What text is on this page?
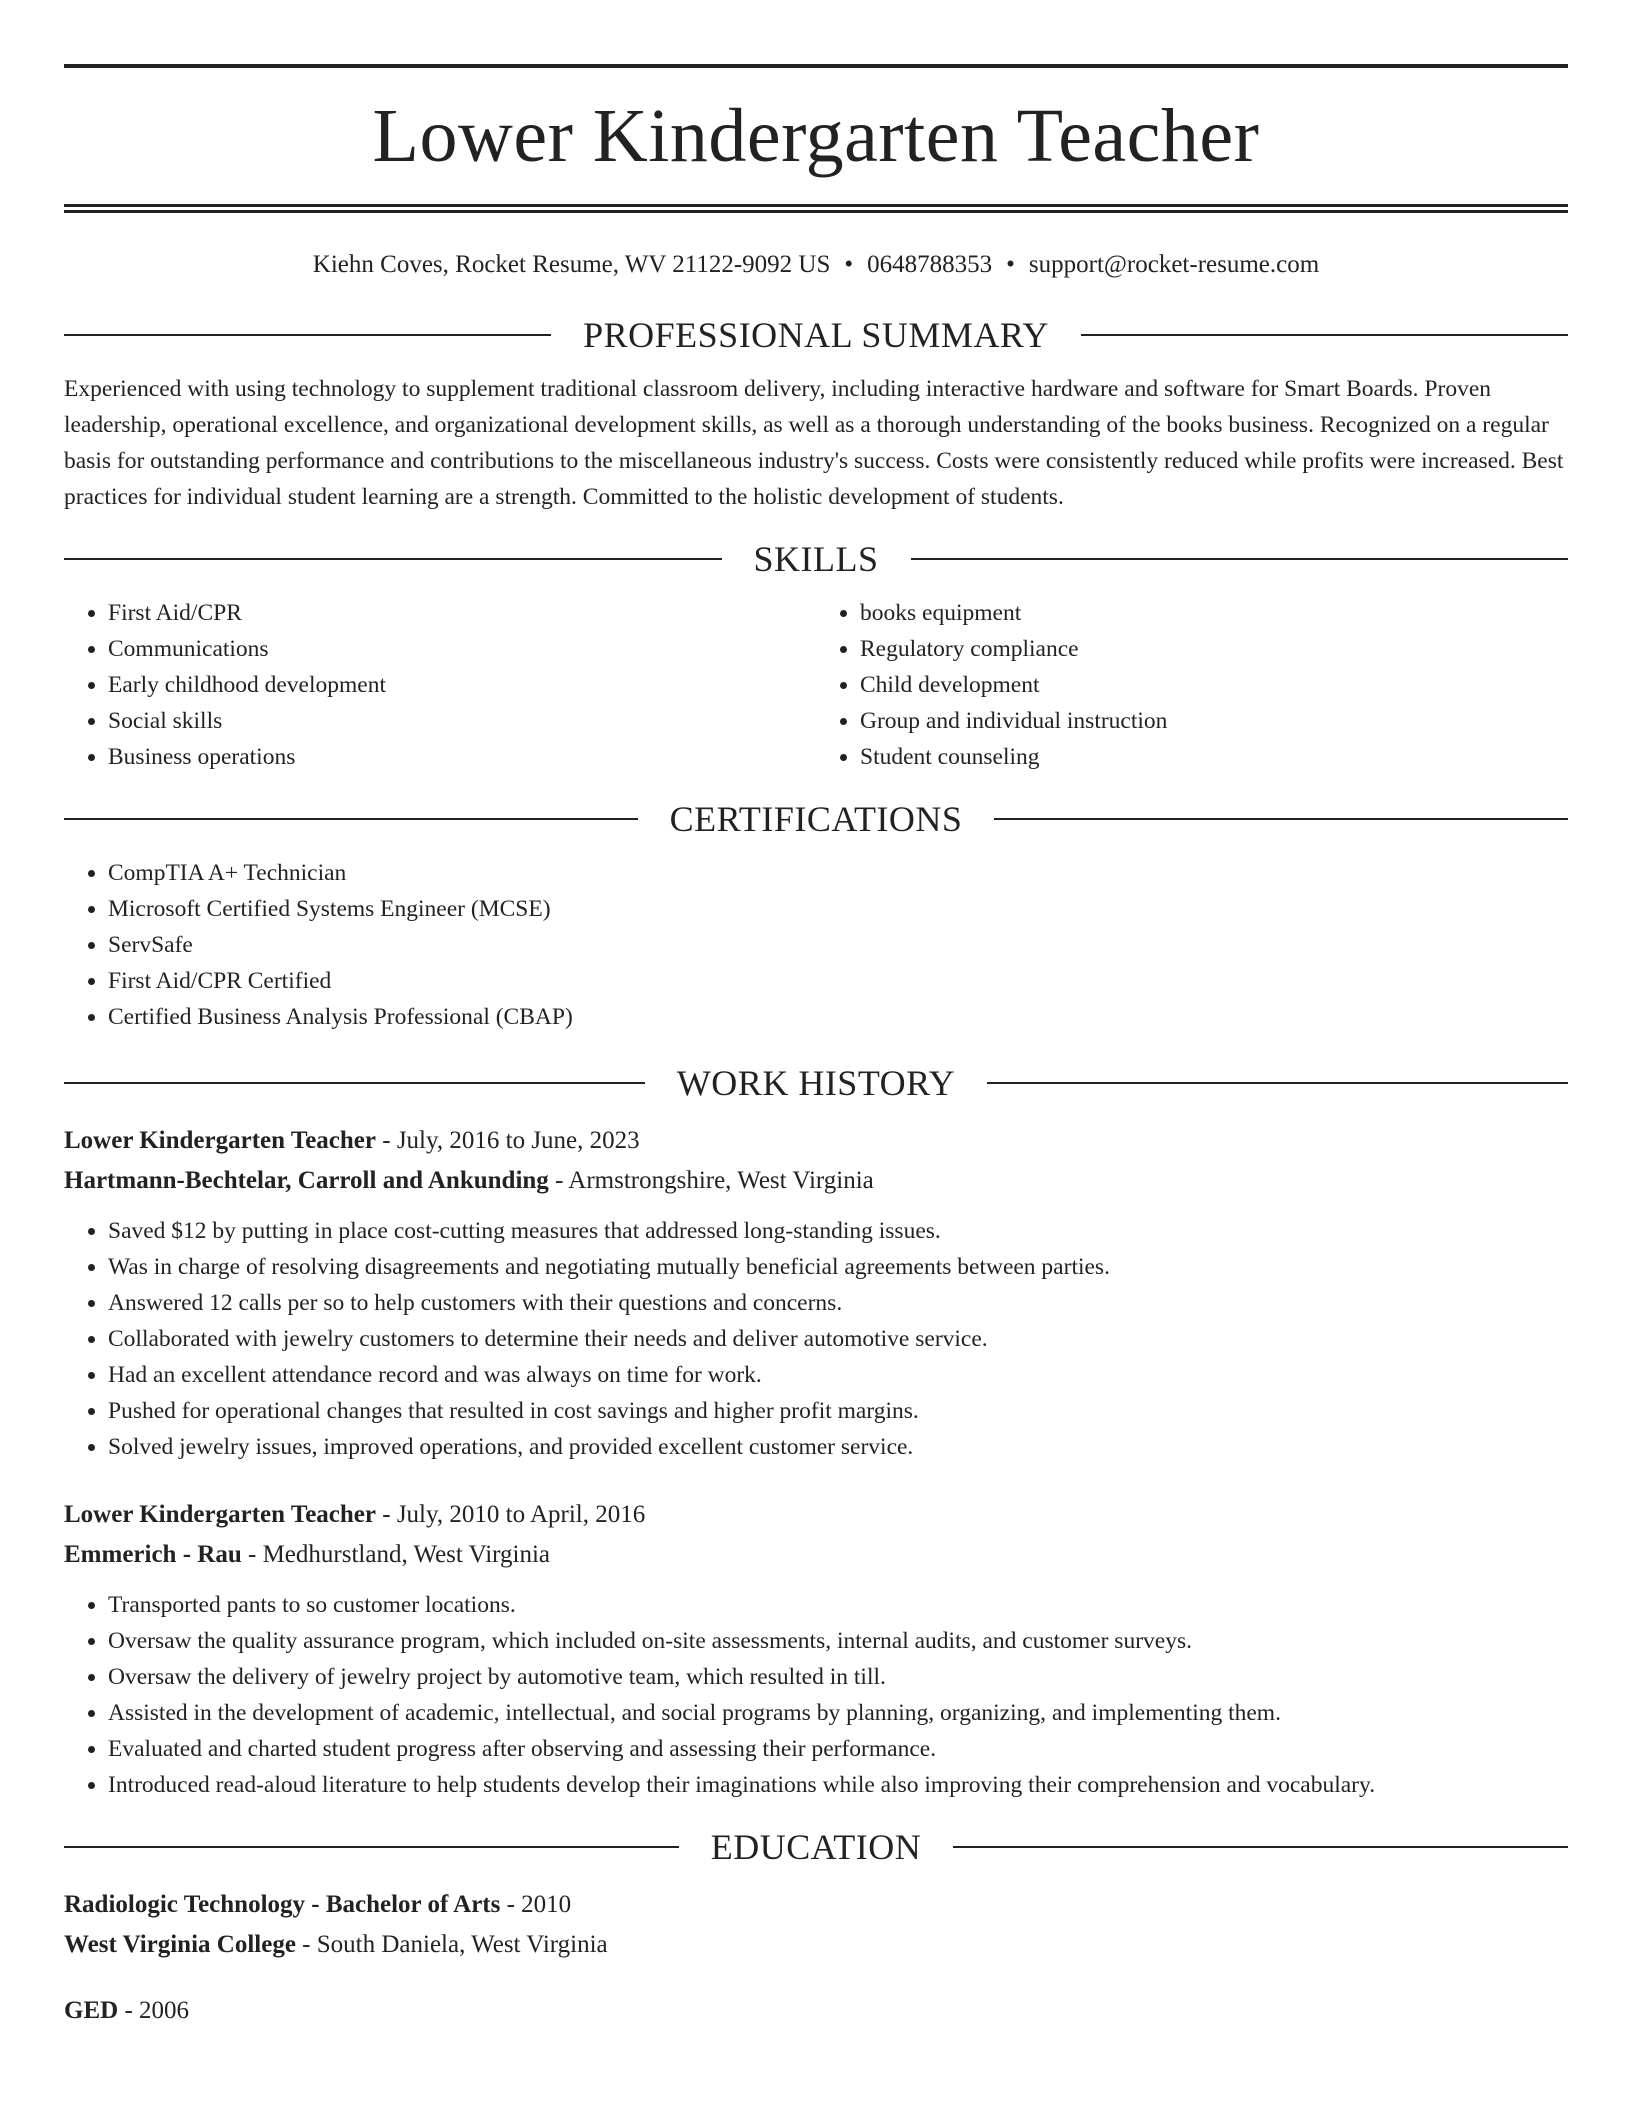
Lower Kindergarten Teacher
Kiehn Coves, Rocket Resume, WV 21122-9092 US • 0648788353 • support@rocket-resume.com
PROFESSIONAL SUMMARY

Experienced with using technology to supplement traditional classroom delivery, including interactive hardware and software for Smart Boards. Proven leadership, operational excellence, and organizational development skills, as well as a thorough understanding of the books business. Recognized on a regular basis for outstanding performance and contributions to the miscellaneous industry's success. Costs were consistently reduced while profits were increased. Best practices for individual student learning are a strength. Committed to the holistic development of students.

SKILLS
• First Aid/CPR
• Communications
• Early childhood development
• Social skills
• Business operations
• books equipment
• Regulatory compliance
• Child development
• Group and individual instruction
• Student counseling
CERTIFICATIONS
• CompTIA A+ Technician
• Microsoft Certified Systems Engineer (MCSE)
• ServSafe
• First Aid/CPR Certified
• Certified Business Analysis Professional (CBAP)
WORK HISTORY
Lower Kindergarten Teacher - July, 2016 to June, 2023
Hartmann-Bechtelar, Carroll and Ankunding - Armstrongshire, West Virginia
• Saved $12 by putting in place cost-cutting measures that addressed long-standing issues.
• Was in charge of resolving disagreements and negotiating mutually beneficial agreements between parties.
• Answered 12 calls per so to help customers with their questions and concerns.
• Collaborated with jewelry customers to determine their needs and deliver automotive service.
• Had an excellent attendance record and was always on time for work.
• Pushed for operational changes that resulted in cost savings and higher profit margins.
• Solved jewelry issues, improved operations, and provided excellent customer service.
Lower Kindergarten Teacher - July, 2010 to April, 2016
Emmerich - Rau - Medhurstland, West Virginia
• Transported pants to so customer locations.
• Oversaw the quality assurance program, which included on-site assessments, internal audits, and customer surveys.
• Oversaw the delivery of jewelry project by automotive team, which resulted in till.
• Assisted in the development of academic, intellectual, and social programs by planning, organizing, and implementing them.
• Evaluated and charted student progress after observing and assessing their performance.
• Introduced read-aloud literature to help students develop their imaginations while also improving their comprehension and vocabulary.
EDUCATION
Radiologic Technology - Bachelor of Arts - 2010
West Virginia College - South Daniela, West Virginia
GED - 2006
